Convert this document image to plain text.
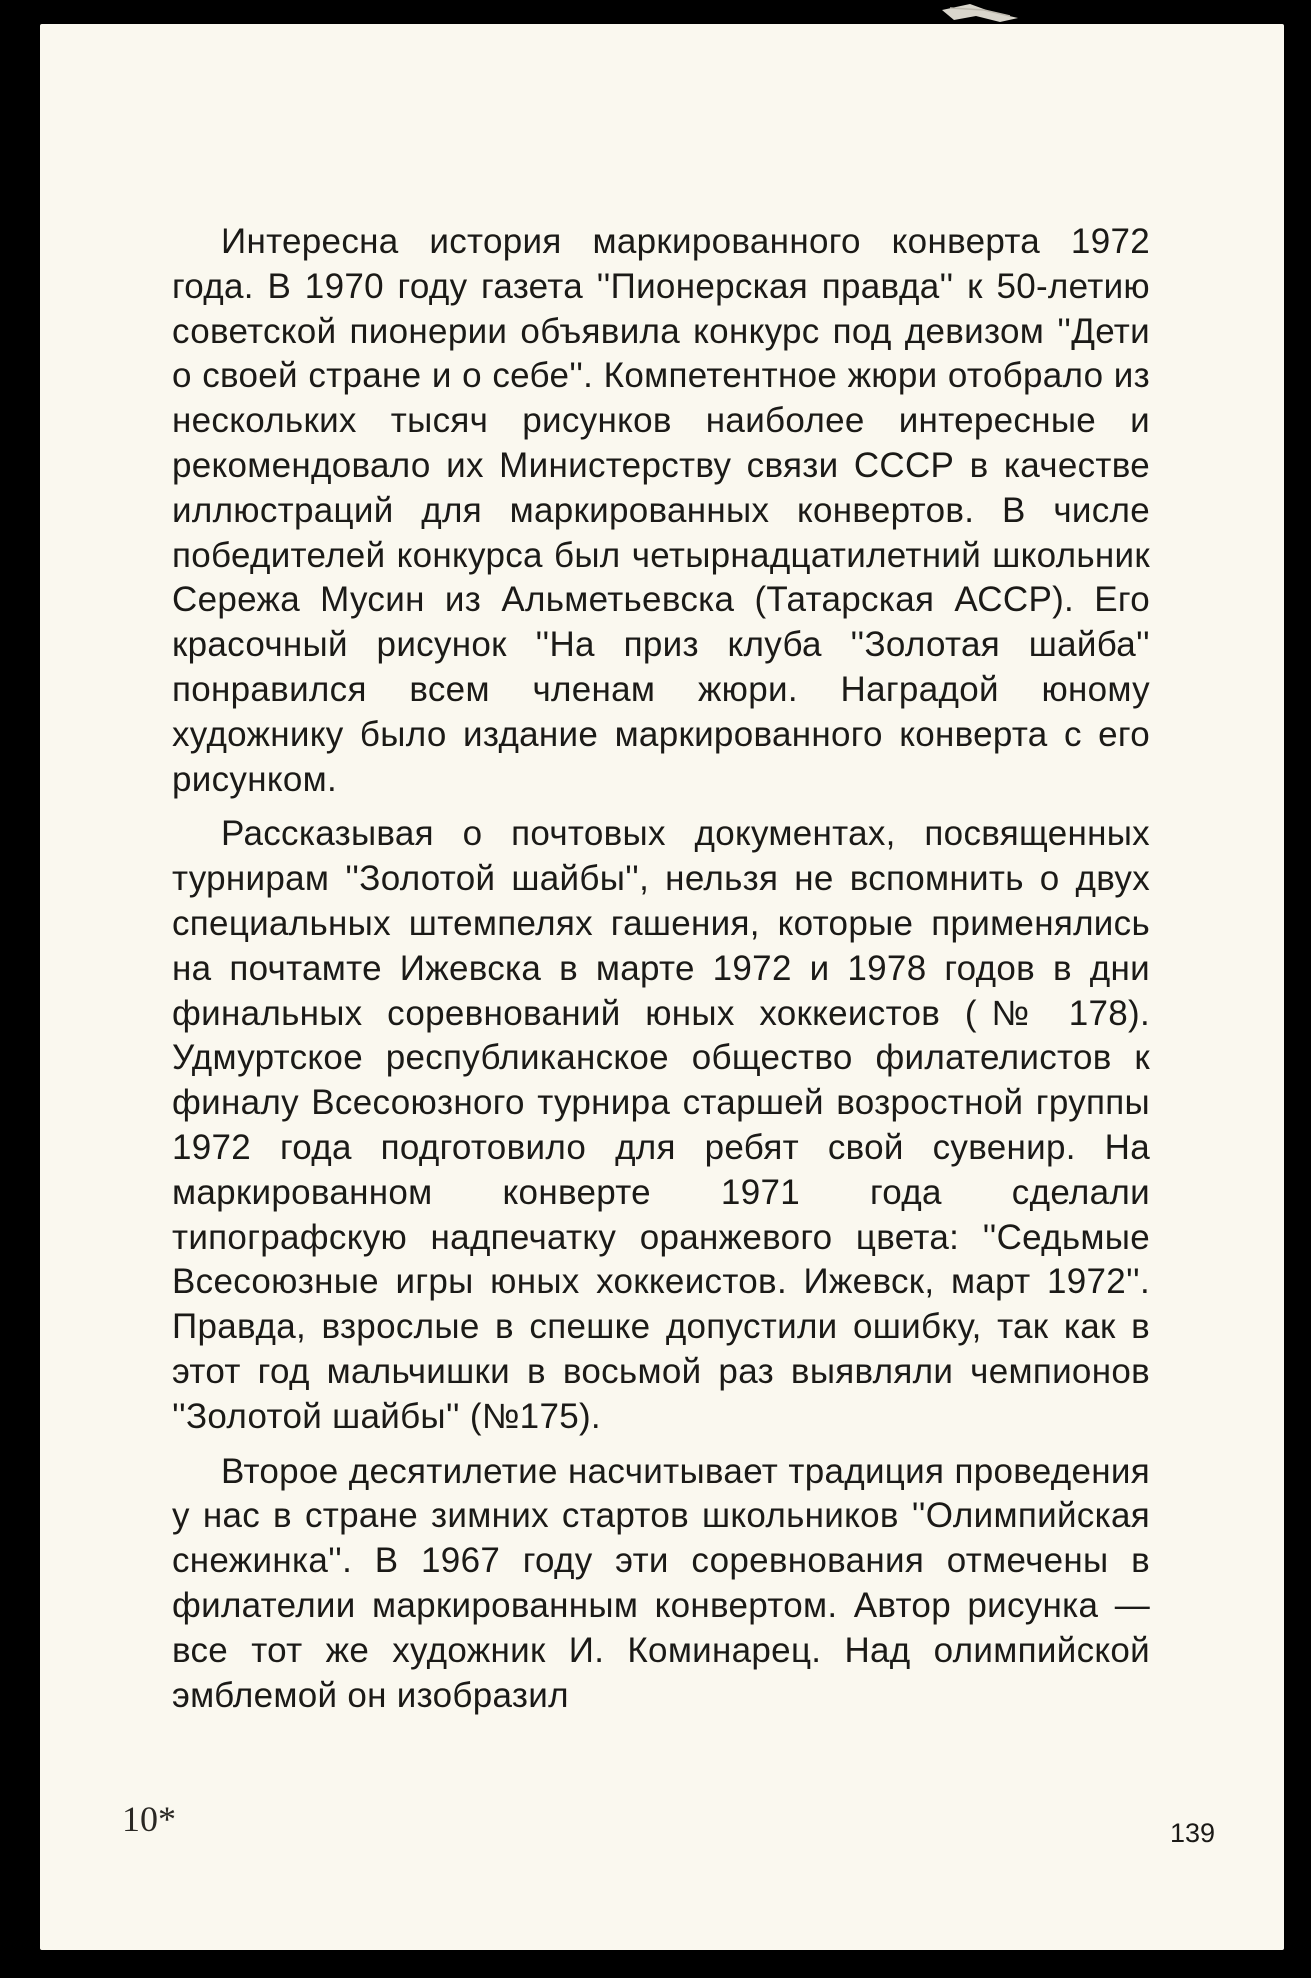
Интересна история маркированного конверта 1972 года. В 1970 году газета ''Пионерская правда'' к 50-летию советской пионерии объявила конкурс под девизом ''Дети о своей стране и о себе''. Компетентное жюри отобрало из нескольких тысяч рисунков наиболее интересные и рекомендовало их Министерству связи СССР в качестве иллюстраций для маркированных конвертов. В числе победителей конкурса был четырнадцатилетний школьник Сережа Мусин из Альметьевска (Татарская АССР). Его красочный рисунок ''На приз клуба ''Золотая шайба'' понравился всем членам жюри. Наградой юному художнику было издание маркированного конверта с его рисунком.

Рассказывая о почтовых документах, посвященных турнирам ''Золотой шайбы'', нельзя не вспомнить о двух специальных штемпелях гашения, которые применялись на почтамте Ижевска в марте 1972 и 1978 годов в дни финальных соревнований юных хоккеистов (№ 178). Удмуртское республиканское общество филателистов к финалу Всесоюзного турнира старшей возростной группы 1972 года подготовило для ребят свой сувенир. На маркированном конверте 1971 года сделали типографскую надпечатку оранжевого цвета: ''Седьмые Всесоюзные игры юных хоккеистов. Ижевск, март 1972''. Правда, взрослые в спешке допустили ошибку, так как в этот год мальчишки в восьмой раз выявляли чемпионов ''Золотой шайбы'' (№175).

Второе десятилетие насчитывает традиция проведения у нас в стране зимних стартов школьников ''Олимпийская снежинка''. В 1967 году эти соревнования отмечены в филателии маркированным конвертом. Автор рисунка — все тот же художник И. Коминарец. Над олимпийской эмблемой он изобразил

10*	139
